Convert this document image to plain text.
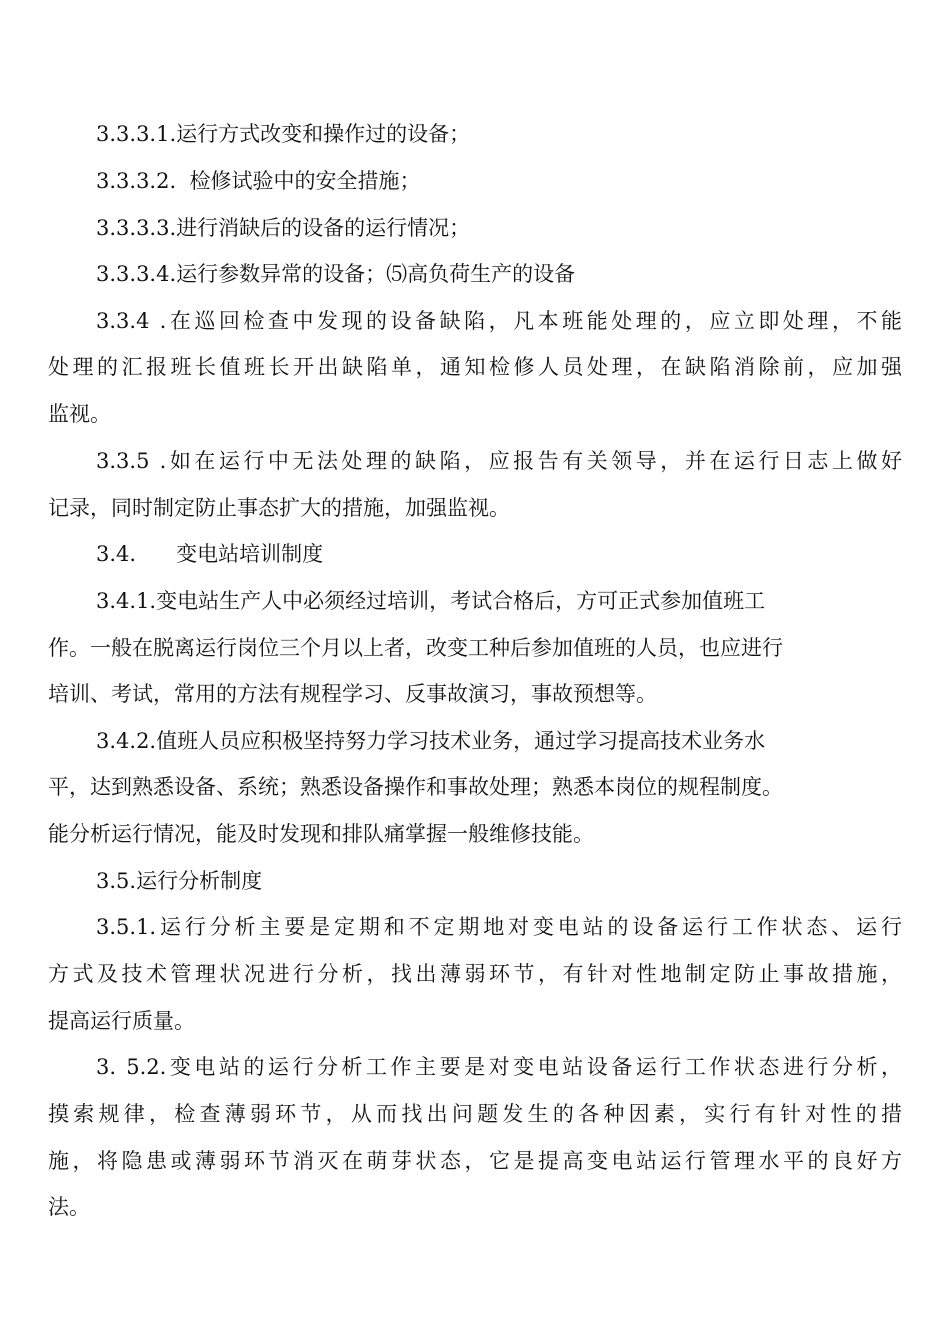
3.3.3.1.运行方式改变和操作过的设备；

3.3.3.2.  检修试验中的安全措施；

3.3.3.3.进行消缺后的设备的运行情况；

3.3.3.4.运行参数异常的设备；⑸高负荷生产的设备

3.3.4 .在巡回检查中发现的设备缺陷，凡本班能处理的，应立即处理，不能

处理的汇报班长值班长开出缺陷单，通知检修人员处理，在缺陷消除前，应加强

监视。

3.3.5 .如在运行中无法处理的缺陷，应报告有关领导，并在运行日志上做好

记录，同时制定防止事态扩大的措施，加强监视。

3.4.      变电站培训制度

3.4.1.变电站生产人中必须经过培训，考试合格后，方可正式参加值班工

作。一般在脱离运行岗位三个月以上者，改变工种后参加值班的人员，也应进行

培训、考试，常用的方法有规程学习、反事故演习，事故预想等。

3.4.2.值班人员应积极坚持努力学习技术业务，通过学习提高技术业务水

平，达到熟悉设备、系统；熟悉设备操作和事故处理；熟悉本岗位的规程制度。

能分析运行情况，能及时发现和排队痛掌握一般维修技能。

3.5.运行分析制度

3.5.1.运行分析主要是定期和不定期地对变电站的设备运行工作状态、运行

方式及技术管理状况进行分析，找出薄弱环节，有针对性地制定防止事故措施，

提高运行质量。

3. 5.2.变电站的运行分析工作主要是对变电站设备运行工作状态进行分析，

摸索规律，检查薄弱环节，从而找出问题发生的各种因素，实行有针对性的措

施，将隐患或薄弱环节消灭在萌芽状态，它是提高变电站运行管理水平的良好方

法。
